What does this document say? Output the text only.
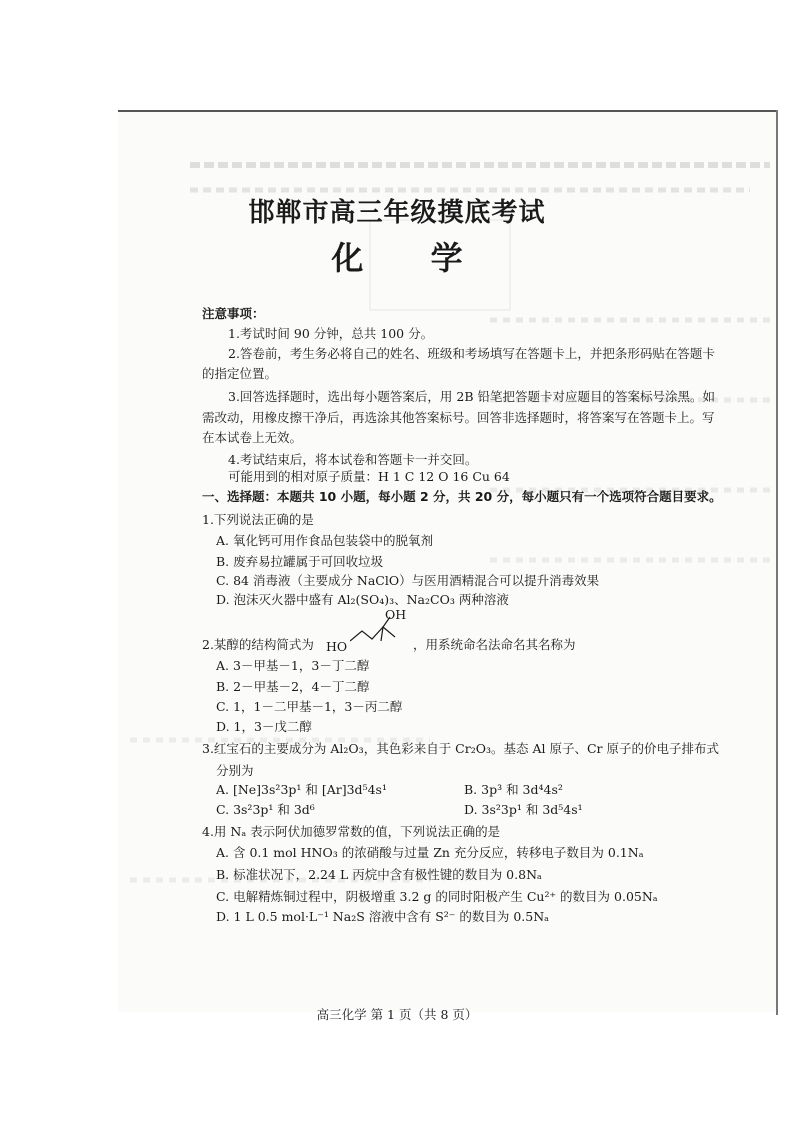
邯郸市高三年级摸底考试
化 学
注意事项：
1.考试时间 90 分钟，总共 100 分。
2.答卷前，考生务必将自己的姓名、班级和考场填写在答题卡上，并把条形码贴在答题卡
的指定位置。
3.回答选择题时，选出每小题答案后，用 2B 铅笔把答题卡对应题目的答案标号涂黑。如
需改动，用橡皮擦干净后，再选涂其他答案标号。回答非选择题时，将答案写在答题卡上。写
在本试卷上无效。
4.考试结束后，将本试卷和答题卡一并交回。
可能用到的相对原子质量：H 1 C 12 O 16 Cu 64
一、选择题：本题共 10 小题，每小题 2 分，共 20 分，每小题只有一个选项符合题目要求。
1.下列说法正确的是
A. 氧化钙可用作食品包装袋中的脱氧剂
B. 废弃易拉罐属于可回收垃圾
C. 84 消毒液（主要成分 NaClO）与医用酒精混合可以提升消毒效果
D. 泡沫灭火器中盛有 Al₂(SO₄)₃、Na₂CO₃ 两种溶液
2.某醇的结构简式为	，用系统命名法命名其名称为
HO
OH
A. 3－甲基－1，3－丁二醇
B. 2－甲基－2，4－丁二醇
C. 1，1－二甲基－1，3－丙二醇
D. 1，3－戊二醇
3.红宝石的主要成分为 Al₂O₃，其色彩来自于 Cr₂O₃。基态 Al 原子、Cr 原子的价电子排布式
分别为
A. [Ne]3s²3p¹ 和 [Ar]3d⁵4s¹	B. 3p³ 和 3d⁴4s²
C. 3s²3p¹ 和 3d⁶	D. 3s²3p¹ 和 3d⁵4s¹
4.用 Nₐ 表示阿伏加德罗常数的值，下列说法正确的是
A. 含 0.1 mol HNO₃ 的浓硝酸与过量 Zn 充分反应，转移电子数目为 0.1Nₐ
B. 标准状况下，2.24 L 丙烷中含有极性键的数目为 0.8Nₐ
C. 电解精炼铜过程中，阴极增重 3.2 g 的同时阳极产生 Cu²⁺ 的数目为 0.05Nₐ
D. 1 L 0.5 mol·L⁻¹ Na₂S 溶液中含有 S²⁻ 的数目为 0.5Nₐ
高三化学 第 1 页（共 8 页）
